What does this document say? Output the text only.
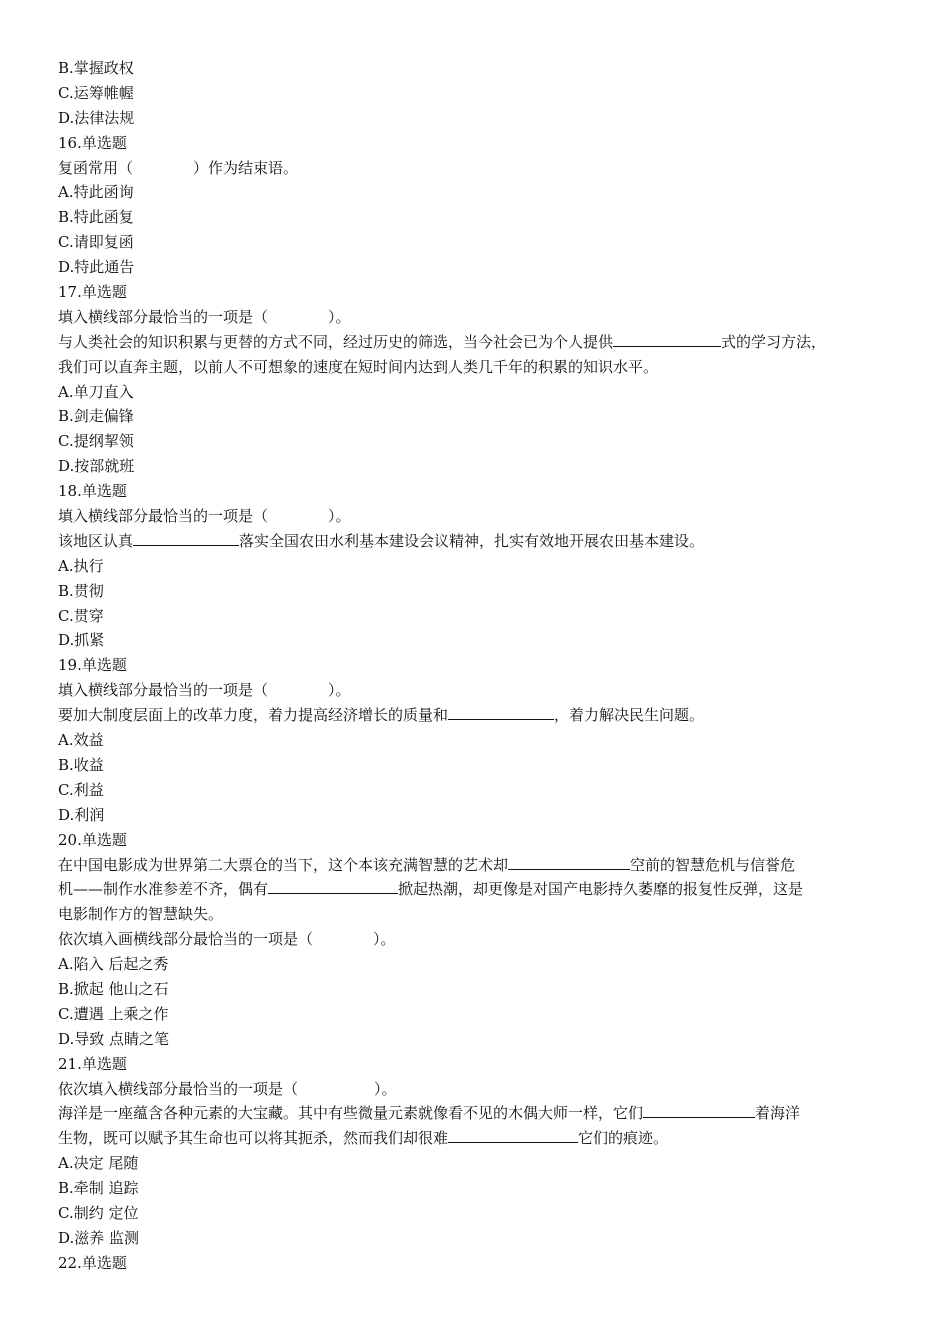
B.掌握政权
C.运筹帷幄
D.法律法规
16.单选题
复函常用（	）作为结束语。
A.特此函询
B.特此函复
C.请即复函
D.特此通告
17.单选题
填入横线部分最恰当的一项是（	）。
与人类社会的知识积累与更替的方式不同，经过历史的筛选，当今社会已为个人提供	式的学习方法，
我们可以直奔主题，以前人不可想象的速度在短时间内达到人类几千年的积累的知识水平。
A.单刀直入
B.剑走偏锋
C.提纲挈领
D.按部就班
18.单选题
填入横线部分最恰当的一项是（	）。
该地区认真	落实全国农田水利基本建设会议精神，扎实有效地开展农田基本建设。
A.执行
B.贯彻
C.贯穿
D.抓紧
19.单选题
填入横线部分最恰当的一项是（	）。
要加大制度层面上的改革力度，着力提高经济增长的质量和	，着力解决民生问题。
A.效益
B.收益
C.利益
D.利润
20.单选题
在中国电影成为世界第二大票仓的当下，这个本该充满智慧的艺术却	空前的智慧危机与信誉危
机——制作水准参差不齐，偶有	掀起热潮，却更像是对国产电影持久萎靡的报复性反弹，这是
电影制作方的智慧缺失。
依次填入画横线部分最恰当的一项是（	）。
A.陷入 后起之秀
B.掀起 他山之石
C.遭遇 上乘之作
D.导致 点睛之笔
21.单选题
依次填入横线部分最恰当的一项是（	）。
海洋是一座蕴含各种元素的大宝藏。其中有些微量元素就像看不见的木偶大师一样，它们	着海洋
生物，既可以赋予其生命也可以将其扼杀，然而我们却很难	它们的痕迹。
A.决定 尾随
B.牵制 追踪
C.制约 定位
D.滋养 监测
22.单选题
